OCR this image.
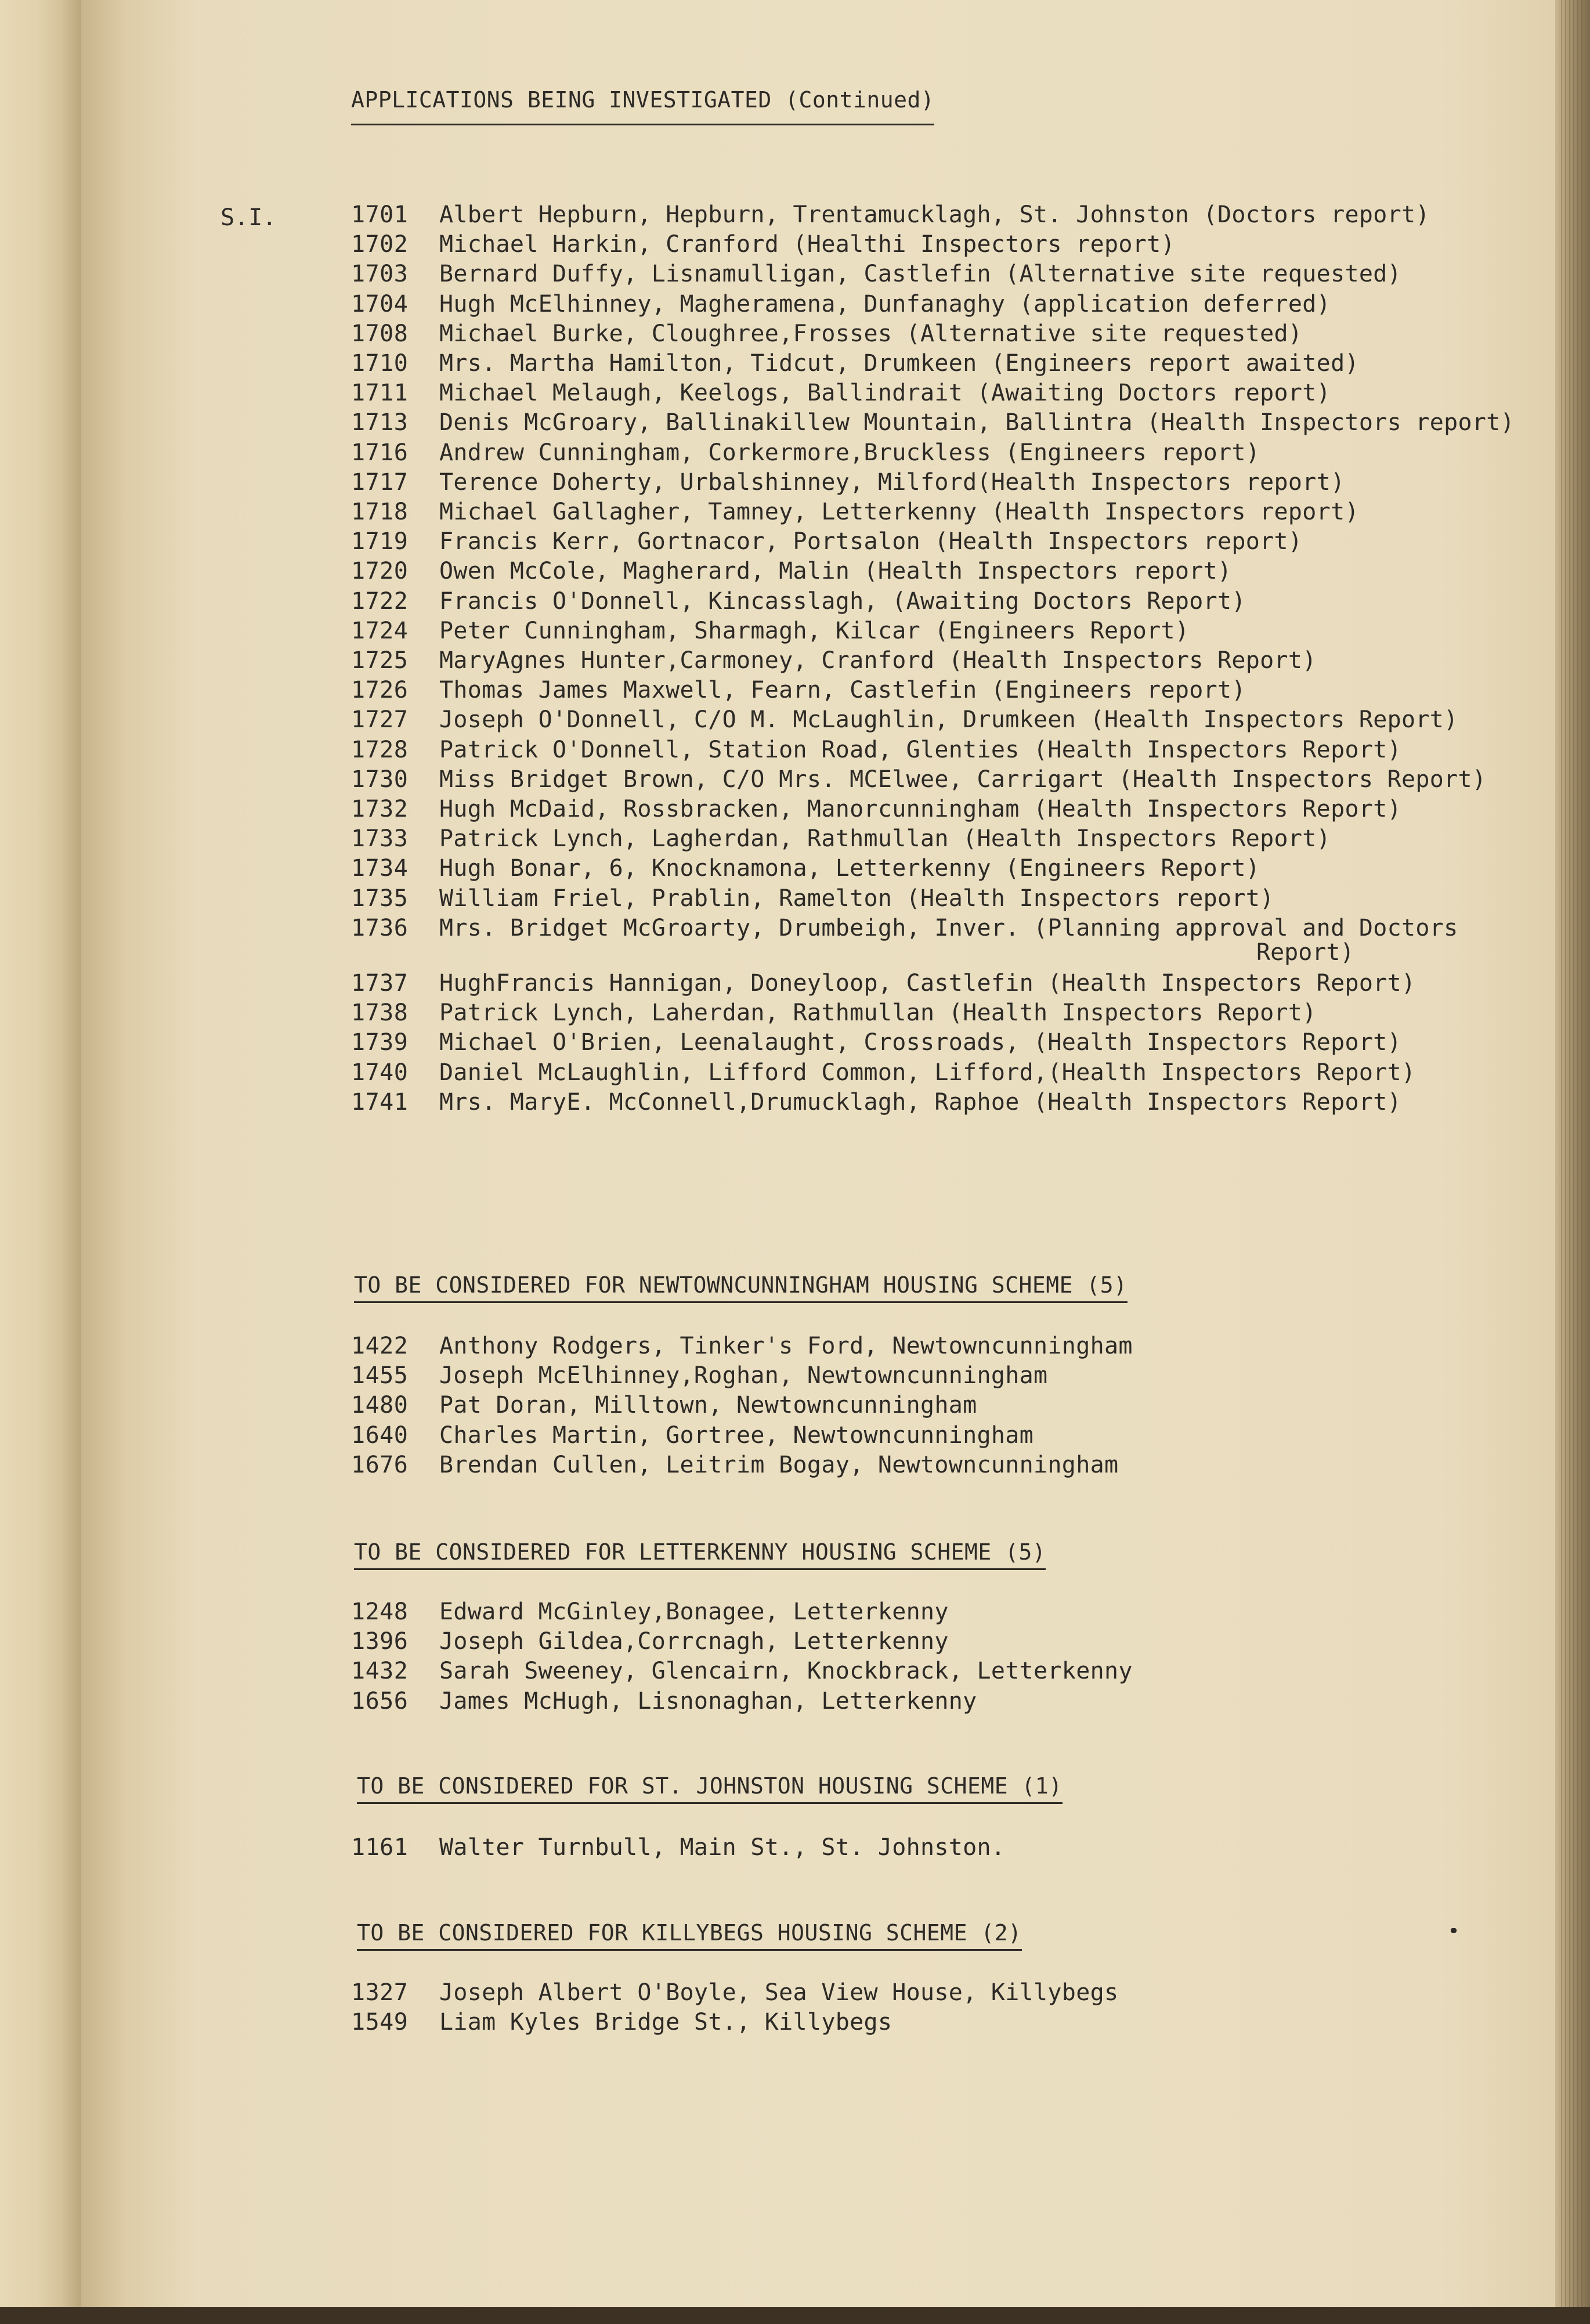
APPLICATIONS BEING INVESTIGATED (Continued)
S.I.	1701	Albert Hepburn, Hepburn, Trentamucklagh, St. Johnston (Doctors report)
1702	Michael Harkin, Cranford (Healthi Inspectors report)
1703	Bernard Duffy, Lisnamulligan, Castlefin (Alternative site requested)
1704	Hugh McElhinney, Magheramena, Dunfanaghy (application deferred)
1708	Michael Burke, Cloughree,Frosses (Alternative site requested)
1710	Mrs. Martha Hamilton, Tidcut, Drumkeen (Engineers report awaited)
1711	Michael Melaugh, Keelogs, Ballindrait (Awaiting Doctors report)
1713	Denis McGroary, Ballinakillew Mountain, Ballintra (Health Inspectors report)
1716	Andrew Cunningham, Corkermore,Bruckless (Engineers report)
1717	Terence Doherty, Urbalshinney, Milford(Health Inspectors report)
1718	Michael Gallagher, Tamney, Letterkenny (Health Inspectors report)
1719	Francis Kerr, Gortnacor, Portsalon (Health Inspectors report)
1720	Owen McCole, Magherard, Malin (Health Inspectors report)
1722	Francis O'Donnell, Kincasslagh, (Awaiting Doctors Report)
1724	Peter Cunningham, Sharmagh, Kilcar (Engineers Report)
1725	MaryAgnes Hunter,Carmoney, Cranford (Health Inspectors Report)
1726	Thomas James Maxwell, Fearn, Castlefin (Engineers report)
1727	Joseph O'Donnell, C/O M. McLaughlin, Drumkeen (Health Inspectors Report)
1728	Patrick O'Donnell, Station Road, Glenties (Health Inspectors Report)
1730	Miss Bridget Brown, C/O Mrs. MCElwee, Carrigart (Health Inspectors Report)
1732	Hugh McDaid, Rossbracken, Manorcunningham (Health Inspectors Report)
1733	Patrick Lynch, Lagherdan, Rathmullan (Health Inspectors Report)
1734	Hugh Bonar, 6, Knocknamona, Letterkenny (Engineers Report)
1735	William Friel, Prablin, Ramelton (Health Inspectors report)
1736	Mrs. Bridget McGroarty, Drumbeigh, Inver. (Planning approval and Doctors
Report)
1737	HughFrancis Hannigan, Doneyloop, Castlefin (Health Inspectors Report)
1738	Patrick Lynch, Laherdan, Rathmullan (Health Inspectors Report)
1739	Michael O'Brien, Leenalaught, Crossroads, (Health Inspectors Report)
1740	Daniel McLaughlin, Lifford Common, Lifford,(Health Inspectors Report)
1741	Mrs. MaryE. McConnell,Drumucklagh, Raphoe (Health Inspectors Report)
TO BE CONSIDERED FOR NEWTOWNCUNNINGHAM HOUSING SCHEME (5)
1422	Anthony Rodgers, Tinker's Ford, Newtowncunningham
1455	Joseph McElhinney,Roghan, Newtowncunningham
1480	Pat Doran, Milltown, Newtowncunningham
1640	Charles Martin, Gortree, Newtowncunningham
1676	Brendan Cullen, Leitrim Bogay, Newtowncunningham
TO BE CONSIDERED FOR LETTERKENNY HOUSING SCHEME (5)
1248	Edward McGinley,Bonagee, Letterkenny
1396	Joseph Gildea,Corrcnagh, Letterkenny
1432	Sarah Sweeney, Glencairn, Knockbrack, Letterkenny
1656	James McHugh, Lisnonaghan, Letterkenny
TO BE CONSIDERED FOR ST. JOHNSTON HOUSING SCHEME (1)
1161	Walter Turnbull, Main St., St. Johnston.
TO BE CONSIDERED FOR KILLYBEGS HOUSING SCHEME (2)
1327	Joseph Albert O'Boyle, Sea View House, Killybegs
1549	Liam Kyles Bridge St., Killybegs
